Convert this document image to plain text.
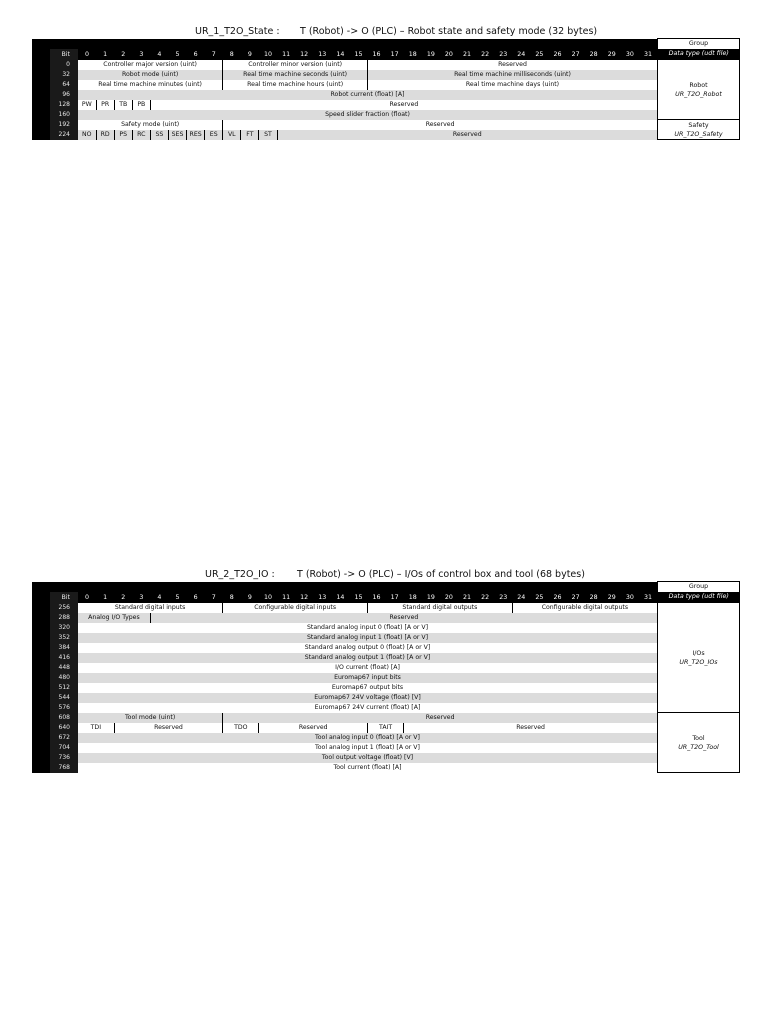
UR_1_T2O_State : T (Robot) -> O (PLC) – Robot state and safety mode (32 bytes)
																																		Group
	Bit	0	1	2	3	4	5	6	7	8	9	10	11	12	13	14	15	16	17	18	19	20	21	22	23	24	25	26	27	28	29	30	31	Data type (udt file)
	0	Controller major version (uint)								Controller minor version (uint)								Reserved																Robot
UR_T2O_Robot
	32	Robot mode (uint)								Real time machine seconds (uint)								Real time machine milliseconds (uint)																
	64	Real time machine minutes (uint)								Real time machine hours (uint)								Real time machine days (uint)																
	96	Robot current (float) [A]																																
	128	PW	PR	TB	PB	Reserved																												
	160	Speed slider fraction (float)																																
	192	Safety mode (uint)								Reserved																								Safety
UR_T2O_Safety
	224	NO	RD	PS	RC	SS	SES	RES	ES	VL	FT	ST	Reserved																					
UR_2_T2O_IO : T (Robot) -> O (PLC) – I/Os of control box and tool (68 bytes)
																																		Group
	Bit	0	1	2	3	4	5	6	7	8	9	10	11	12	13	14	15	16	17	18	19	20	21	22	23	24	25	26	27	28	29	30	31	Data type (udt file)
	256	Standard digital inputs								Configurable digital inputs								Standard digital outputs								Configurable digital outputs								I/Os
UR_T2O_IOs
	288	Analog I/O Types				Reserved																												
	320	Standard analog input 0 (float) [A or V]																																
	352	Standard analog input 1 (float) [A or V]																																
	384	Standard analog output 0 (float) [A or V]																																
	416	Standard analog output 1 (float) [A or V]																																
	448	I/O current (float) [A]																																
	480	Euromap67 input bits																																
	512	Euromap67 output bits																																
	544	Euromap67 24V voltage (float) [V]																																
	576	Euromap67 24V current (float) [A]																																
	608	Tool mode (uint)								Reserved																								Tool
UR_T2O_Tool
	640	TDI		Reserved						TDO		Reserved						TAIT		Reserved														
	672	Tool analog input 0 (float) [A or V]																																
	704	Tool analog input 1 (float) [A or V]																																
	736	Tool output voltage (float) [V]																																
	768	Tool current (float) [A]																																
